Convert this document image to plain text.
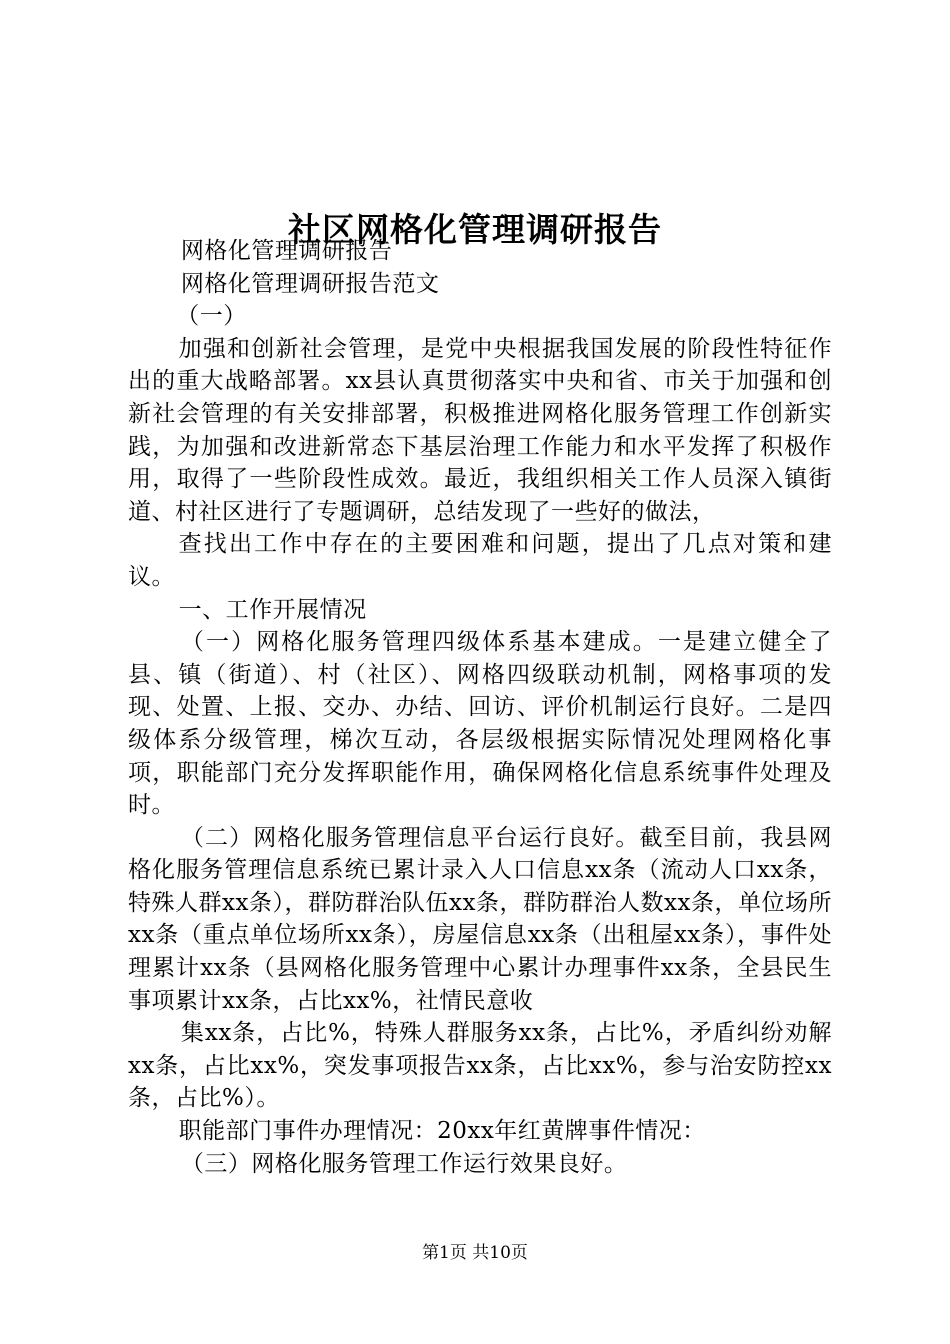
社区网格化管理调研报告

网格化管理调研报告

网格化管理调研报告范文

（一）

加强和创新社会管理，是党中央根据我国发展的阶段性特征作出的重大战略部署。xx县认真贯彻落实中央和省、市关于加强和创新社会管理的有关安排部署，积极推进网格化服务管理工作创新实践，为加强和改进新常态下基层治理工作能力和水平发挥了积极作用，取得了一些阶段性成效。最近，我组织相关工作人员深入镇街道、村社区进行了专题调研，总结发现了一些好的做法，

查找出工作中存在的主要困难和问题，提出了几点对策和建议。

一、工作开展情况

（一）网格化服务管理四级体系基本建成。一是建立健全了县、镇（街道）、村（社区）、网格四级联动机制，网格事项的发现、处置、上报、交办、办结、回访、评价机制运行良好。二是四级体系分级管理，梯次互动，各层级根据实际情况处理网格化事项，职能部门充分发挥职能作用，确保网格化信息系统事件处理及时。

（二）网格化服务管理信息平台运行良好。截至目前，我县网格化服务管理信息系统已累计录入人口信息xx条（流动人口xx条，特殊人群xx条），群防群治队伍xx条，群防群治人数xx条，单位场所xx条（重点单位场所xx条），房屋信息xx条（出租屋xx条），事件处理累计xx条（县网格化服务管理中心累计办理事件xx条，全县民生事项累计xx条，占比xx%，社情民意收

集xx条，占比%，特殊人群服务xx条，占比%，矛盾纠纷劝解xx条，占比xx%，突发事项报告xx条，占比xx%，参与治安防控xx条，占比%）。

职能部门事件办理情况：20xx年红黄牌事件情况：

（三）网格化服务管理工作运行效果良好。

第1页 共10页
